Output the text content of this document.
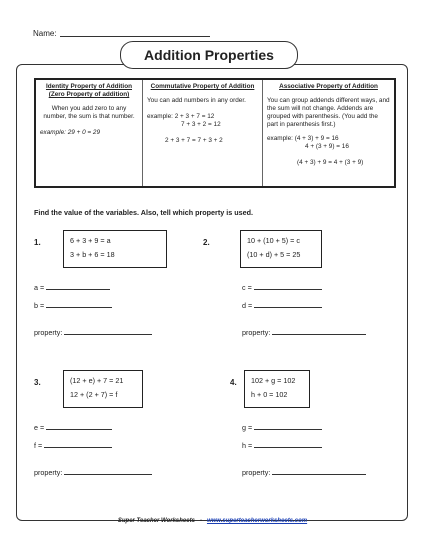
Name:
Addition Properties
Identity Property of Addition
(Zero Property of addition)
When you add zero to any number, the sum is that number.
example: 29 + 0 = 29
Commutative Property of Addition
You can add numbers in any order.
example: 2 + 3 + 7 = 12
7 + 3 + 2 = 12
2 + 3 + 7 = 7 + 3 + 2
Associative Property of Addition
You can group addends different ways, and the sum will not change. Addends are grouped with parenthesis. (You add the part in parenthesis first.)
example: (4 + 3) + 9 = 16
4 + (3 + 9) = 16
(4 + 3) + 9 = 4 + (3 + 9)
Find the value of the variables. Also, tell which property is used.
1.	6 + 3 + 9 = a
3 + b + 6 = 18
a =
b =
property:
2.	10 + (10 + 5) = c
(10 + d) + 5 = 25
c =
d =
property:
3.	(12 + e) + 7 = 21
12 + (2 + 7) = f
e =
f =
property:
4. 102 + g = 102
h + 0 = 102
g =
h =
property:
Super Teacher Worksheets - www.superteacherworksheets.com
